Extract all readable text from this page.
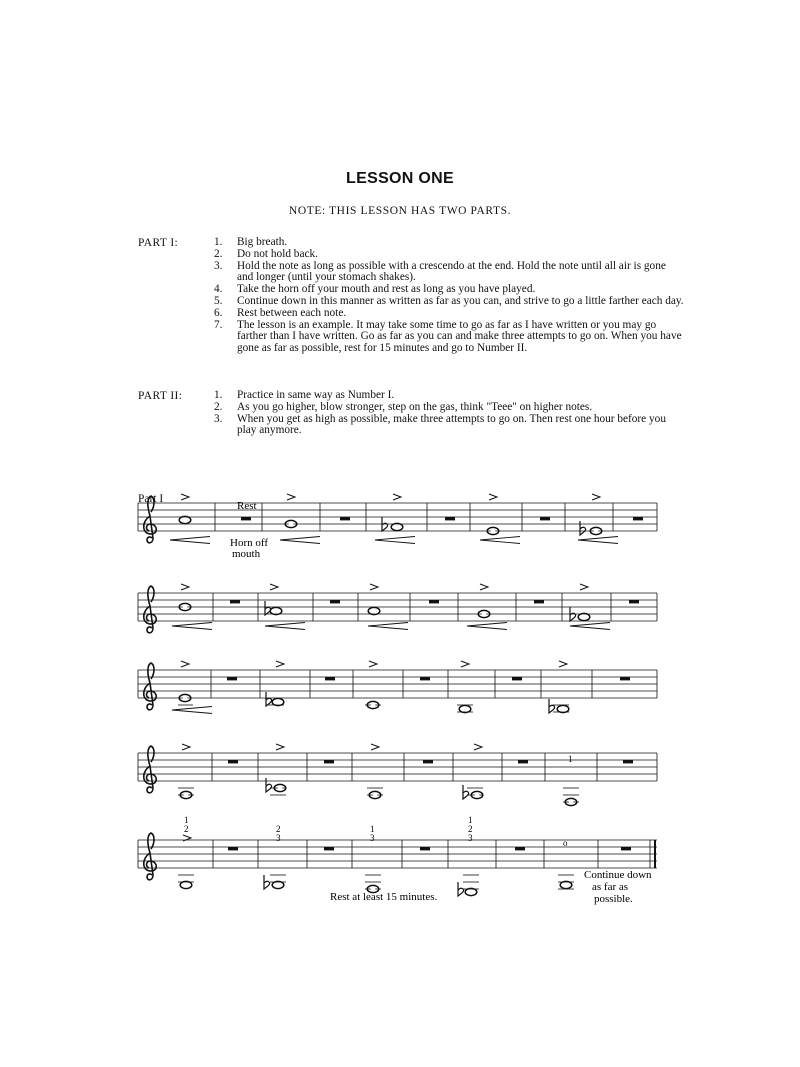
LESSON ONE
NOTE: THIS LESSON HAS TWO PARTS.
PART I:	1. Big breath.
2. Do not hold back.
3. Hold the note as long as possible with a crescendo at the end. Hold the note until all air is gone and longer (until your stomach shakes).
4. Take the horn off your mouth and rest as long as you have played.
5. Continue down in this manner as written as far as you can, and strive to go a little farther each day.
6. Rest between each note.
7. The lesson is an example. It may take some time to go as far as I have written or you may go farther than I have written. Go as far as you can and make three attempts to go on. When you have gone as far as possible, rest for 15 minutes and go to Number II.
PART II:	1. Practice in same way as Number I.
2. As you go higher, blow stronger, step on the gas, think "Teee" on higher notes.
3. When you get as high as possible, make three attempts to go on. Then rest one hour before you play anymore.
Part I
Rest
Horn off
mouth
1
1
2	2
3
1
3
1
2
3	o
Rest at least 15 minutes.
Continue down
as far as
possible.
